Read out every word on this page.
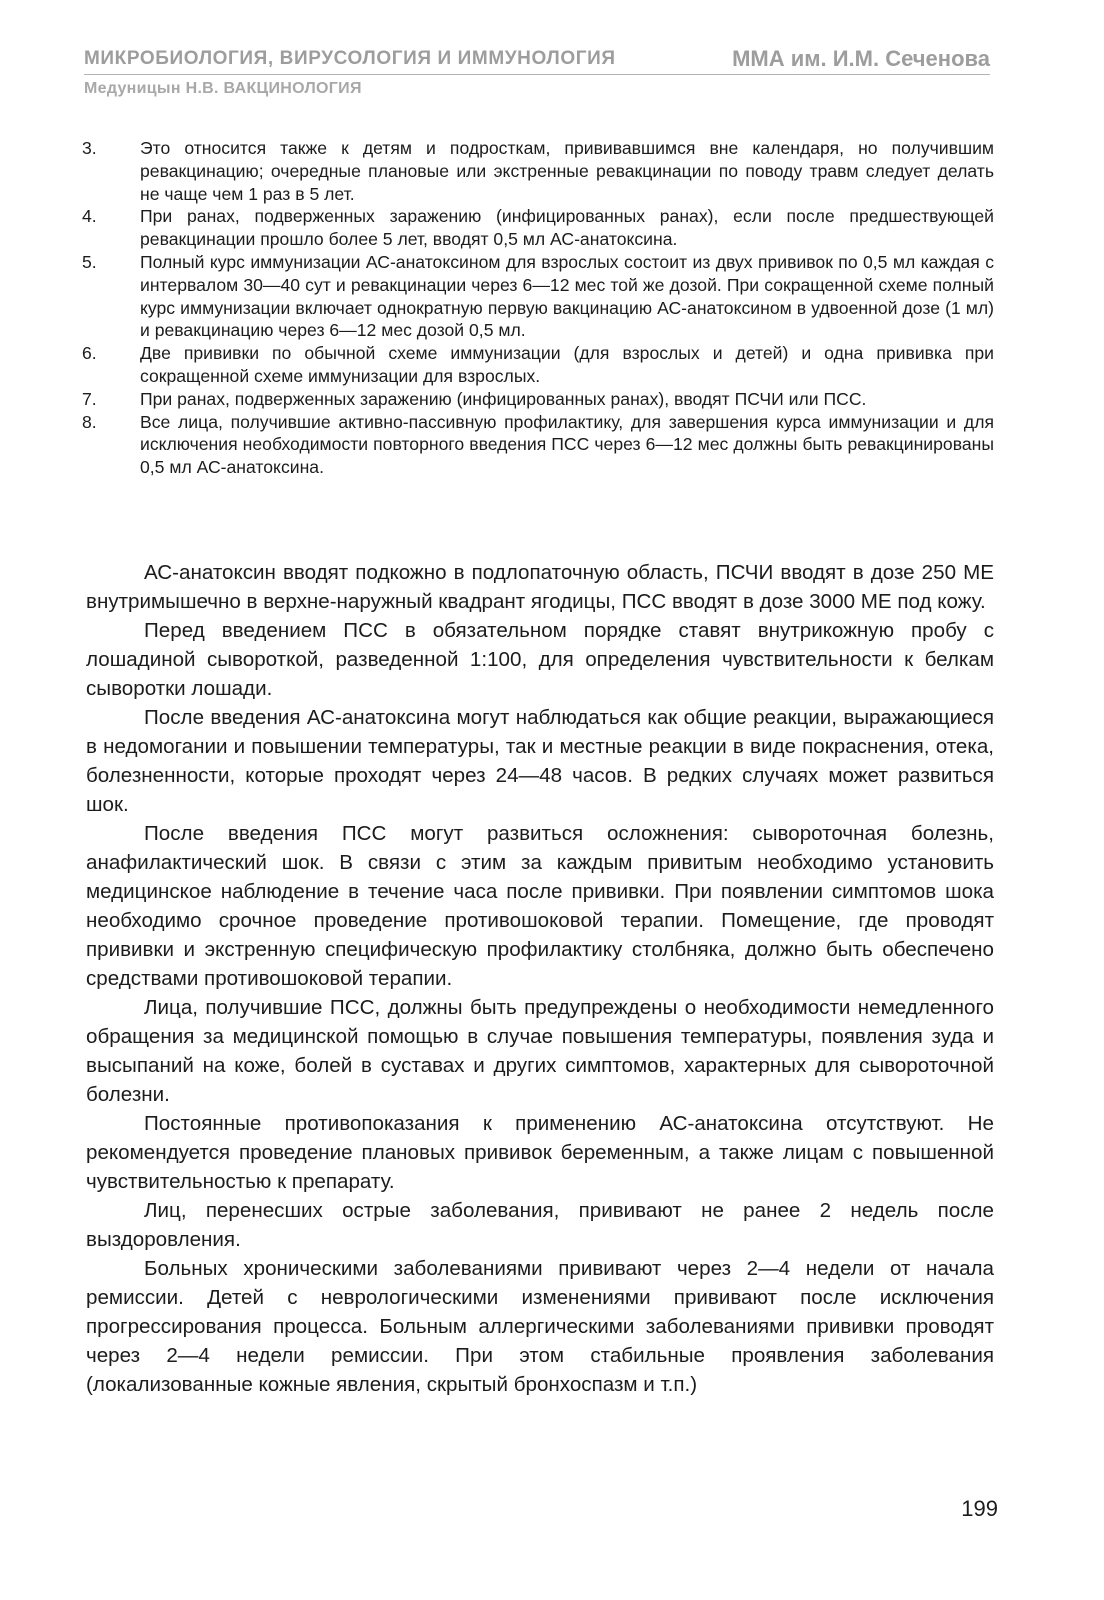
МИКРОБИОЛОГИЯ, ВИРУСОЛОГИЯ И ИММУНОЛОГИЯ	ММА им. И.М. Сеченова
Медуницын Н.В. ВАКЦИНОЛОГИЯ
3. Это относится также к детям и подросткам, прививавшимся вне календаря, но получившим ревакцинацию; очередные плановые или экстренные ревакцинации по поводу травм следует делать не чаще чем 1 раз в 5 лет.
4. При ранах, подверженных заражению (инфицированных ранах), если после предшествующей ревакцинации прошло более 5 лет, вводят 0,5 мл АС-анатоксина.
5. Полный курс иммунизации АС-анатоксином для взрослых состоит из двух прививок по 0,5 мл каждая с интервалом 30—40 сут и ревакцинации через 6—12 мес той же дозой. При сокращенной схеме полный курс иммунизации включает однократную первую вакцинацию АС-анатоксином в удвоенной дозе (1 мл) и ревакцинацию через 6—12 мес дозой 0,5 мл.
6. Две прививки по обычной схеме иммунизации (для взрослых и детей) и одна прививка при сокращенной схеме иммунизации для взрослых.
7. При ранах, подверженных заражению (инфицированных ранах), вводят ПСЧИ или ПСС.
8. Все лица, получившие активно-пассивную профилактику, для завершения курса иммунизации и для исключения необходимости повторного введения ПСС через 6—12 мес должны быть ревакцинированы 0,5 мл АС-анатоксина.

АС-анатоксин вводят подкожно в подлопаточную область, ПСЧИ вводят в дозе 250 МЕ внутримышечно в верхне-наружный квадрант ягодицы, ПСС вводят в дозе 3000 МЕ под кожу.

Перед введением ПСС в обязательном порядке ставят внутрикожную пробу с лошадиной сывороткой, разведенной 1:100, для определения чувствительности к белкам сыворотки лошади.

После введения АС-анатоксина могут наблюдаться как общие реакции, выражающиеся в недомогании и повышении температуры, так и местные реакции в виде покраснения, отека, болезненности, которые проходят через 24—48 часов. В редких случаях может развиться шок.

После введения ПСС могут развиться осложнения: сывороточная болезнь, анафилактический шок. В связи с этим за каждым привитым необходимо установить медицинское наблюдение в течение часа после прививки. При появлении симптомов шока необходимо срочное проведение противошоковой терапии. Помещение, где проводят прививки и экстренную специфическую профилактику столбняка, должно быть обеспечено средствами противошоковой терапии.

Лица, получившие ПСС, должны быть предупреждены о необходимости немедленного обращения за медицинской помощью в случае повышения температуры, появления зуда и высыпаний на коже, болей в суставах и других симптомов, характерных для сывороточной болезни.

Постоянные противопоказания к применению АС-анатоксина отсутствуют. Не рекомендуется проведение плановых прививок беременным, а также лицам с повышенной чувствительностью к препарату.

Лиц, перенесших острые заболевания, прививают не ранее 2 недель после выздоровления.

Больных хроническими заболеваниями прививают через 2—4 недели от начала ремиссии. Детей с неврологическими изменениями прививают после исключения прогрессирования процесса. Больным аллергическими заболеваниями прививки проводят через 2—4 недели ремиссии. При этом стабильные проявления заболевания (локализованные кожные явления, скрытый бронхоспазм и т.п.)

199
